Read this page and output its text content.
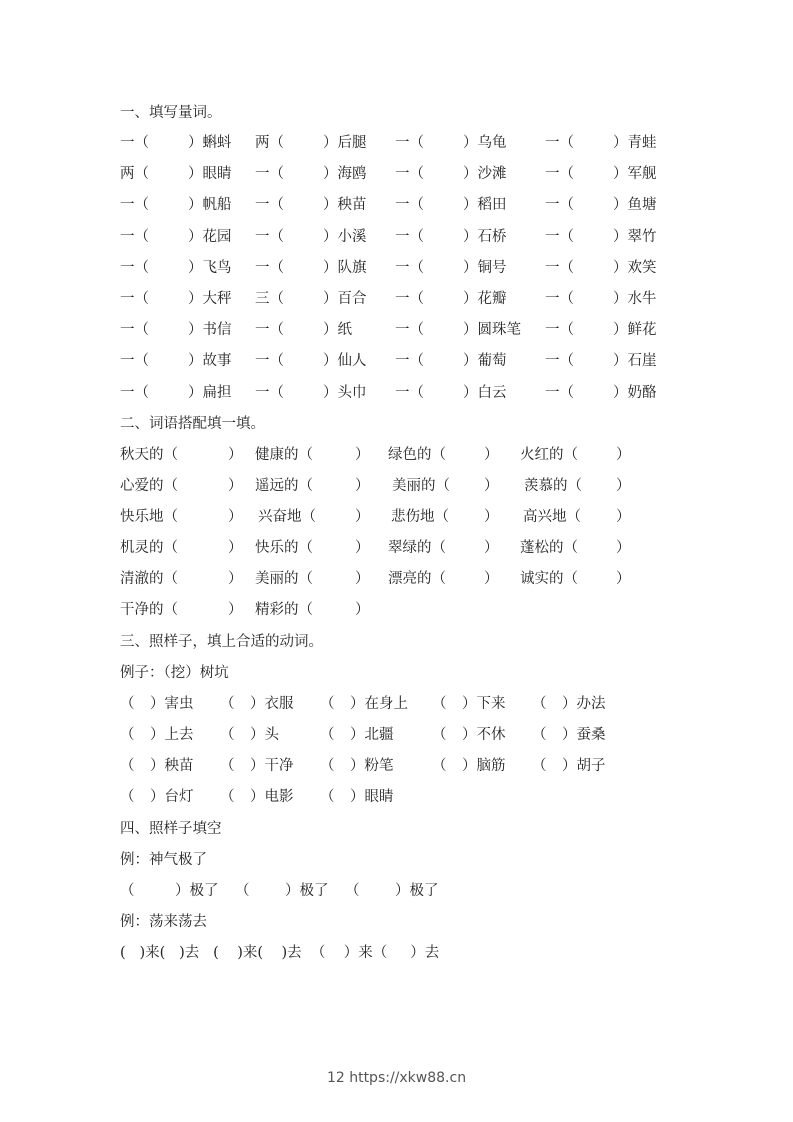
一、填写量词。
一（	）蝌蚪 两（	）后腿 一（	）乌龟	一（	）青蛙
两（	）眼睛 一（	）海鸥 一（	）沙滩	一（	）军舰
一（	）帆船 一（	）秧苗 一（	）稻田	一（	）鱼塘
一（	）花园 一（	）小溪 一（	）石桥	一（	）翠竹
一（	）飞鸟 一（	）队旗 一（	）铜号	一（	）欢笑
一（	）大秤 三（	）百合 一（	）花瓣	一（	）水牛
一（	）书信 一（	）纸	一（	）圆珠笔 一（	）鲜花
一（	）故事 一（	）仙人 一（	）葡萄	一（	）石崖
一（	）扁担 一（	）头巾 一（	）白云	一（	）奶酪
二、词语搭配填一填。
秋天的（	） 健康的（	） 绿色的（	） 火红的（	）
心爱的（	） 遥远的（	） 美丽的（ ） 羡慕的（ ）
快乐地（	） 兴奋地（	） 悲伤地（ ） 高兴地（ ）
机灵的（	） 快乐的（	） 翠绿的（	） 蓬松的（	）
清澈的（	） 美丽的（	） 漂亮的（	） 诚实的（	）
干净的（	） 精彩的（	）
三、照样子，填上合适的动词。
例子：（挖）树坑
（ ）害虫 （ ）衣服 （ ）在身上 （ ）下来 （ ）办法
（ ）上去 （ ）头	（ ）北疆	（ ）不休 （ ）蚕桑
（ ）秧苗 （ ）干净 （ ）粉笔	（ ）脑筋 （ ）胡子
（ ）台灯 （ ）电影 （ ）眼睛
四、照样子填空
例：神气极了
（	）极了 （ ）极了 （ ）极了
例：荡来荡去
(   )来(   )去   (    )来(    )去  （    ）来（     ）去
12 https://xkw88.cn
